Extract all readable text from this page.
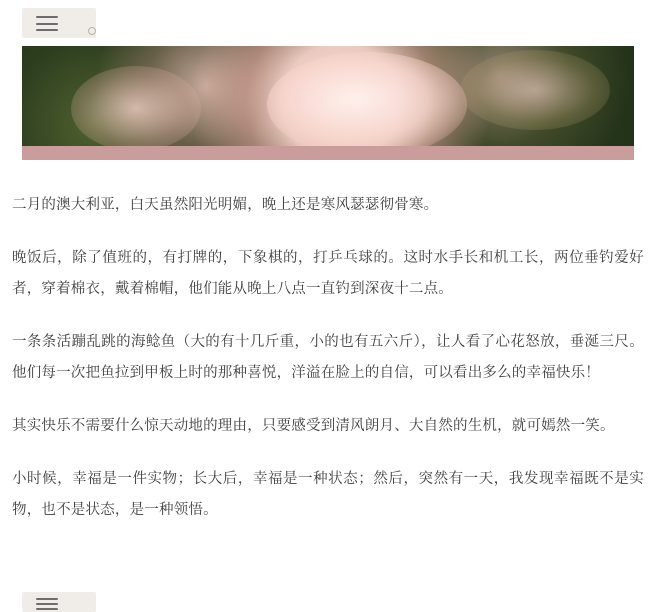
二月的澳大利亚，白天虽然阳光明媚，晚上还是寒风瑟瑟彻骨寒。

晚饭后，除了值班的，有打牌的，下象棋的，打乒乓球的。这时水手长和机工长，两位垂钓爱好者，穿着棉衣，戴着棉帽，他们能从晚上八点一直钓到深夜十二点。

一条条活蹦乱跳的海鲶鱼（大的有十几斤重，小的也有五六斤），让人看了心花怒放，垂涎三尺。他们每一次把鱼拉到甲板上时的那种喜悦，洋溢在脸上的自信，可以看出多么的幸福快乐！

其实快乐不需要什么惊天动地的理由，只要感受到清风朗月、大自然的生机，就可嫣然一笑。

小时候，幸福是一件实物；长大后，幸福是一种状态；然后，突然有一天，我发现幸福既不是实物，也不是状态，是一种领悟。
